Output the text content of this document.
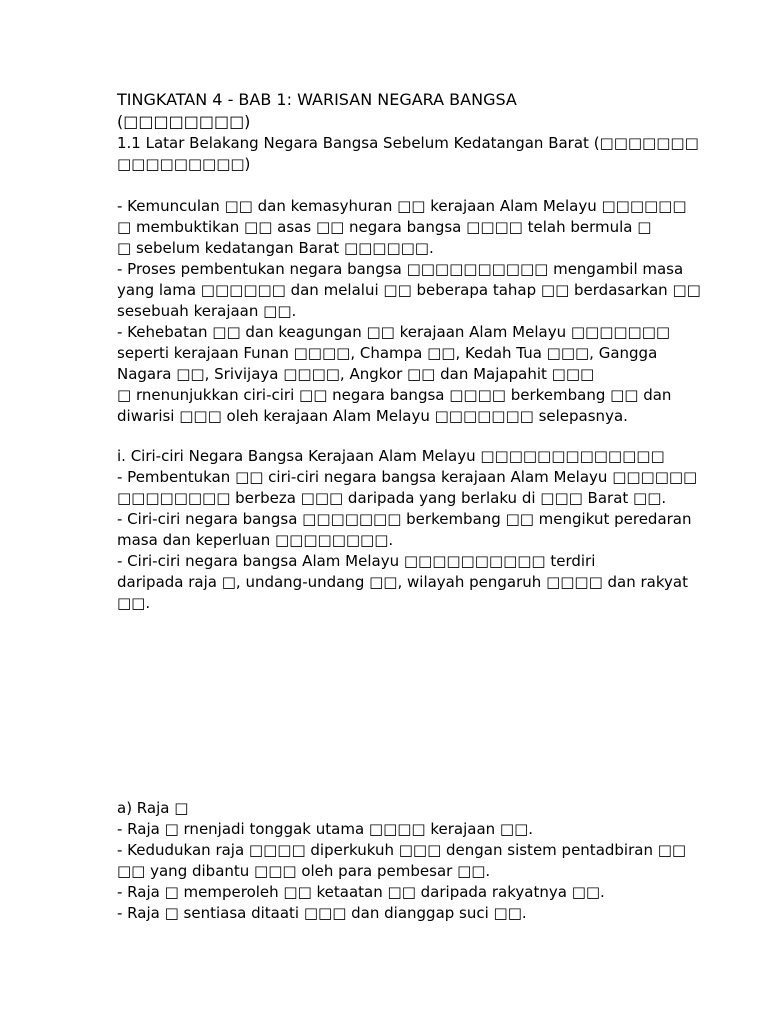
TINGKATAN 4 - BAB 1: WARISAN NEGARA BANGSA (□□□□□□□□)
1.1 Latar Belakang Negara Bangsa Sebelum Kedatangan Barat (□□□□□□□
□□□□□□□□□)
- Kemunculan □□ dan kemasyhuran □□ kerajaan Alam Melayu □□□□□□
□ membuktikan □□ asas □□ negara bangsa □□□□ telah bermula □
□ sebelum kedatangan Barat □□□□□□.
- Proses pembentukan negara bangsa □□□□□□□□□□ mengambil masa
yang lama □□□□□□ dan melalui □□ beberapa tahap □□ berdasarkan □□
sesebuah kerajaan □□.
- Kehebatan □□ dan keagungan □□ kerajaan Alam Melayu □□□□□□□
seperti kerajaan Funan □□□□, Champa □□, Kedah Tua □□□, Gangga
Nagara □□, Srivijaya □□□□, Angkor □□ dan Majapahit □□□
□ rnenunjukkan ciri-ciri □□ negara bangsa □□□□ berkembang □□ dan
diwarisi □□□ oleh kerajaan Alam Melayu □□□□□□□ selepasnya.
i. Ciri-ciri Negara Bangsa Kerajaan Alam Melayu □□□□□□□□□□□□□
- Pembentukan □□ ciri-ciri negara bangsa kerajaan Alam Melayu □□□□□□
□□□□□□□□ berbeza □□□ daripada yang berlaku di □□□ Barat □□.
- Ciri-ciri negara bangsa □□□□□□□ berkembang □□ mengikut peredaran
masa dan keperluan □□□□□□□□.
- Ciri-ciri negara bangsa Alam Melayu □□□□□□□□□□ terdiri
daripada raja □, undang-undang □□, wilayah pengaruh □□□□ dan rakyat
□□.
a) Raja □
- Raja □ rnenjadi tonggak utama □□□□ kerajaan □□.
- Kedudukan raja □□□□ diperkukuh □□□ dengan sistem pentadbiran □□
□□ yang dibantu □□□ oleh para pembesar □□.
- Raja □ memperoleh □□ ketaatan □□ daripada rakyatnya □□.
- Raja □ sentiasa ditaati □□□ dan dianggap suci □□.
